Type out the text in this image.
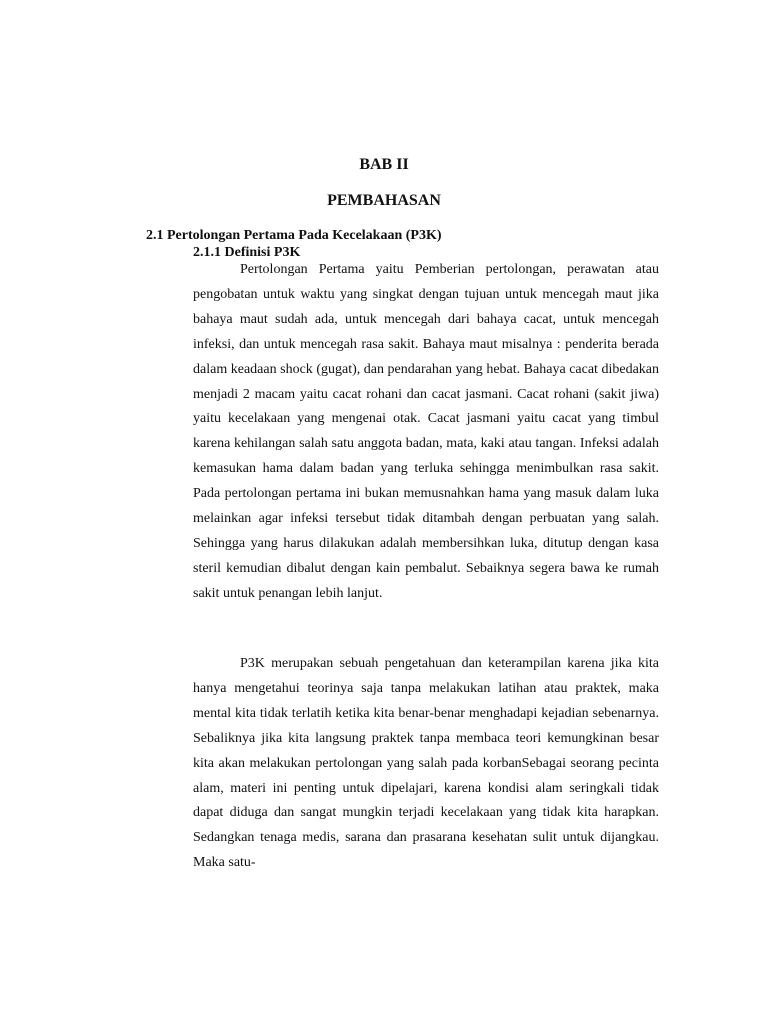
BAB II
PEMBAHASAN
2.1 Pertolongan Pertama Pada Kecelakaan (P3K)
2.1.1 Definisi P3K

Pertolongan Pertama yaitu Pemberian pertolongan, perawatan atau pengobatan untuk waktu yang singkat dengan tujuan untuk mencegah maut jika bahaya maut sudah ada, untuk mencegah dari bahaya cacat, untuk mencegah infeksi, dan untuk mencegah rasa sakit. Bahaya maut misalnya : penderita berada dalam keadaan shock (gugat), dan pendarahan yang hebat. Bahaya cacat dibedakan menjadi 2 macam yaitu cacat rohani dan cacat jasmani. Cacat rohani (sakit jiwa) yaitu kecelakaan yang mengenai otak. Cacat jasmani yaitu cacat yang timbul karena kehilangan salah satu anggota badan, mata, kaki atau tangan. Infeksi adalah kemasukan hama dalam badan yang terluka sehingga menimbulkan rasa sakit. Pada pertolongan pertama ini bukan memusnahkan hama yang masuk dalam luka melainkan agar infeksi tersebut tidak ditambah dengan perbuatan yang salah. Sehingga yang harus dilakukan adalah membersihkan luka, ditutup dengan kasa steril kemudian dibalut dengan kain pembalut. Sebaiknya segera bawa ke rumah sakit untuk penangan lebih lanjut.

P3K merupakan sebuah pengetahuan dan keterampilan karena jika kita hanya mengetahui teorinya saja tanpa melakukan latihan atau praktek, maka mental kita tidak terlatih ketika kita benar-benar menghadapi kejadian sebenarnya. Sebaliknya jika kita langsung praktek tanpa membaca teori kemungkinan besar kita akan melakukan pertolongan yang salah pada korbanSebagai seorang pecinta alam, materi ini penting untuk dipelajari, karena kondisi alam seringkali tidak dapat diduga dan sangat mungkin terjadi kecelakaan yang tidak kita harapkan. Sedangkan tenaga medis, sarana dan prasarana kesehatan sulit untuk dijangkau. Maka satu-
